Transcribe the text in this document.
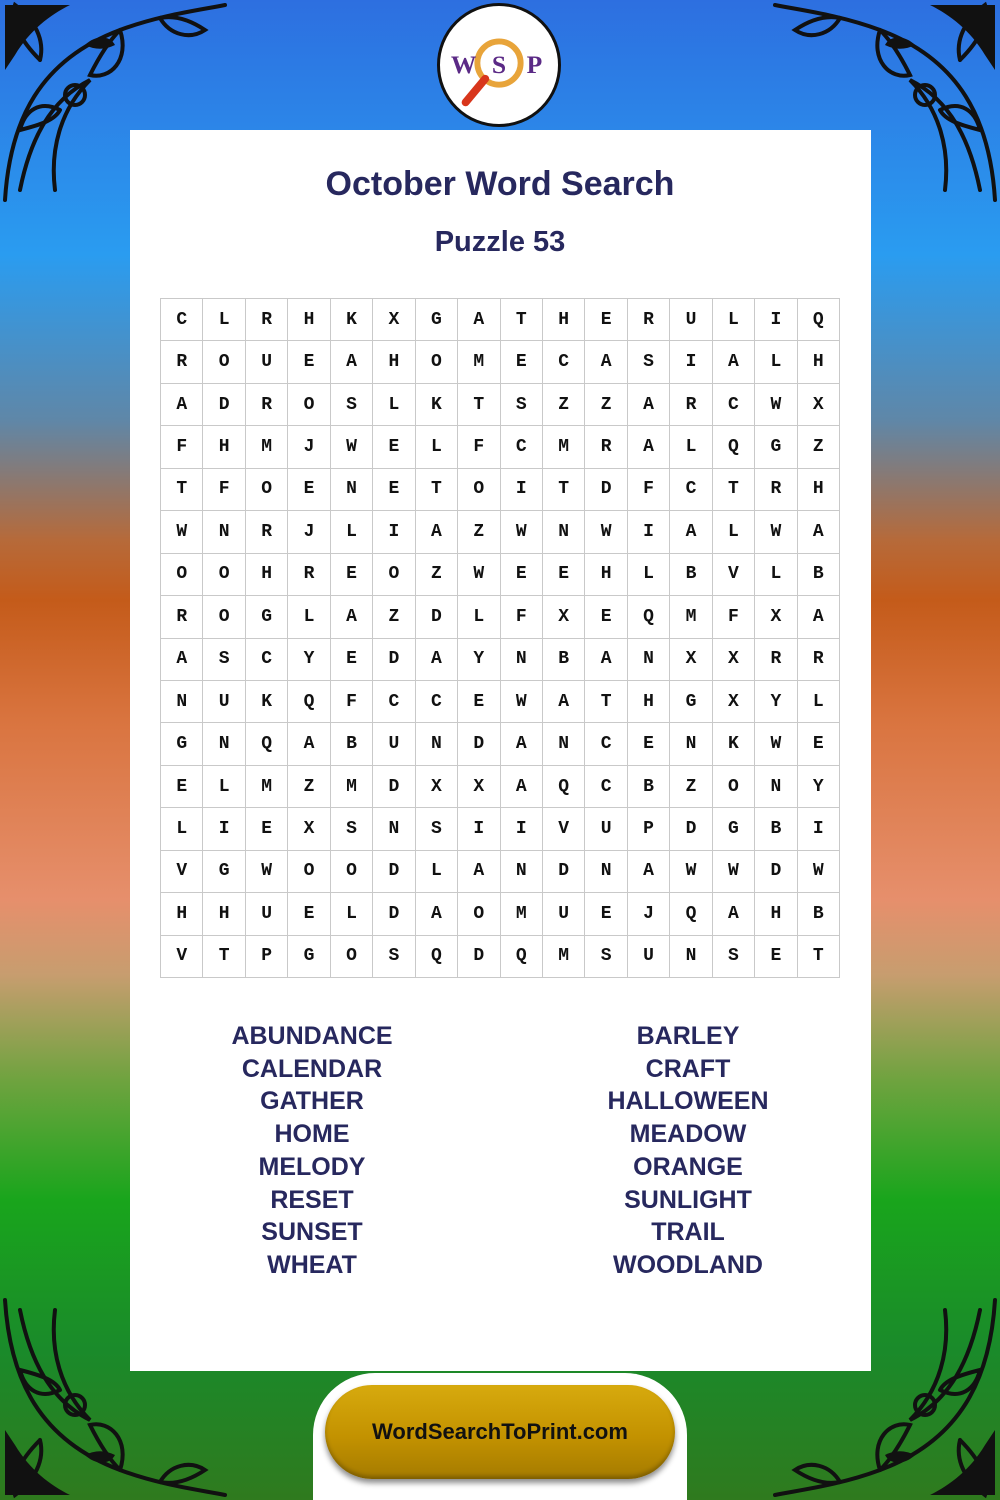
W S P
October Word Search
Puzzle 53
C	L	R	H	K	X	G	A	T	H	E	R	U	L	I	Q
R	O	U	E	A	H	O	M	E	C	A	S	I	A	L	H
A	D	R	O	S	L	K	T	S	Z	Z	A	R	C	W	X
F	H	M	J	W	E	L	F	C	M	R	A	L	Q	G	Z
T	F	O	E	N	E	T	O	I	T	D	F	C	T	R	H
W	N	R	J	L	I	A	Z	W	N	W	I	A	L	W	A
O	O	H	R	E	O	Z	W	E	E	H	L	B	V	L	B
R	O	G	L	A	Z	D	L	F	X	E	Q	M	F	X	A
A	S	C	Y	E	D	A	Y	N	B	A	N	X	X	R	R
N	U	K	Q	F	C	C	E	W	A	T	H	G	X	Y	L
G	N	Q	A	B	U	N	D	A	N	C	E	N	K	W	E
E	L	M	Z	M	D	X	X	A	Q	C	B	Z	O	N	Y
L	I	E	X	S	N	S	I	I	V	U	P	D	G	B	I
V	G	W	O	O	D	L	A	N	D	N	A	W	W	D	W
H	H	U	E	L	D	A	O	M	U	E	J	Q	A	H	B
V	T	P	G	O	S	Q	D	Q	M	S	U	N	S	E	T
ABUNDANCE
CALENDAR
GATHER
HOME
MELODY
RESET
SUNSET
WHEAT
BARLEY
CRAFT
HALLOWEEN
MEADOW
ORANGE
SUNLIGHT
TRAIL
WOODLAND
WordSearchToPrint.com
